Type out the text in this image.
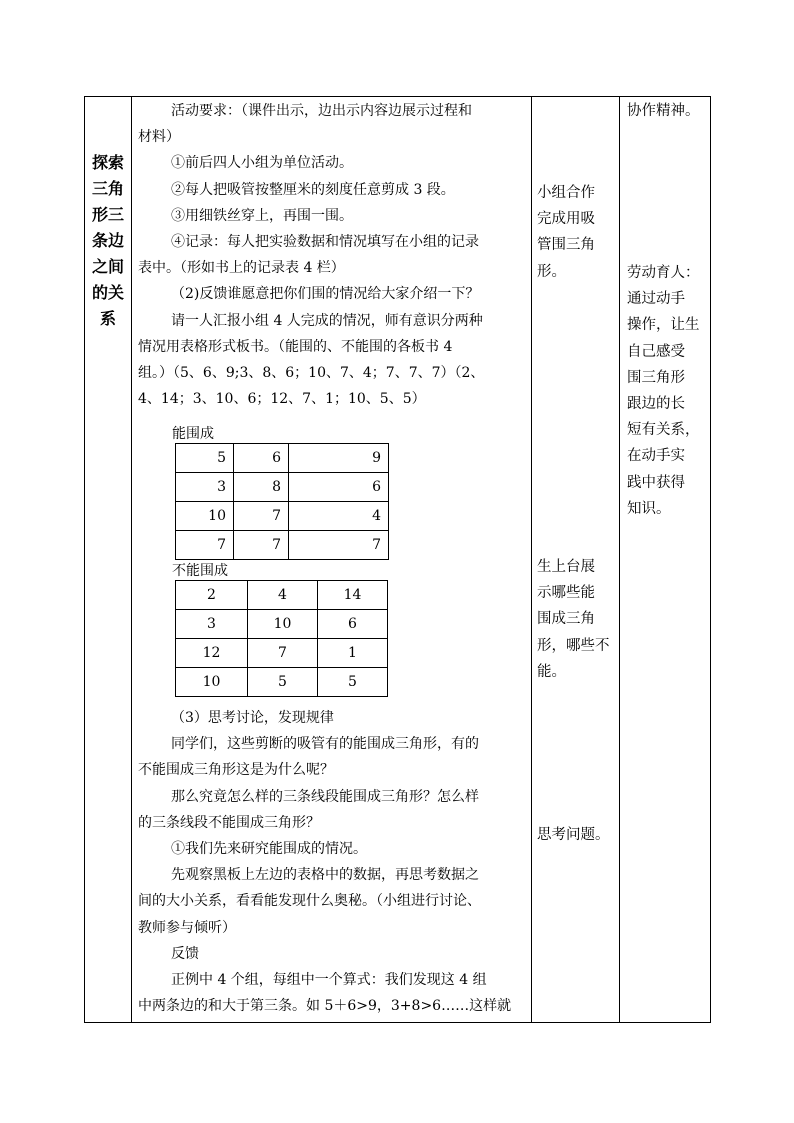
探索
三角
形三
条边
之间
的关
系
活动要求：（课件出示，边出示内容边展示过程和
材料）
①前后四人小组为单位活动。
②每人把吸管按整厘米的刻度任意剪成 3 段。
③用细铁丝穿上，再围一围。
④记录：每人把实验数据和情况填写在小组的记录
表中。（形如书上的记录表 4 栏）
（2)反馈谁愿意把你们围的情况给大家介绍一下？
请一人汇报小组 4 人完成的情况，师有意识分两种
情况用表格形式板书。（能围的、不能围的各板书 4
组。）（5、6、9;3、8、6；10、7、4；7、7、7）（2、
4、14；3、10、6；12、7、1；10、5、5）
能围成
5	6	9
3	8	6
10	7	4
7	7	7
不能围成
2	4	14
3	10	6
12	7	1
10	5	5
（3）思考讨论，发现规律
同学们，这些剪断的吸管有的能围成三角形，有的
不能围成三角形这是为什么呢？
那么究竟怎么样的三条线段能围成三角形？怎么样
的三条线段不能围成三角形？
①我们先来研究能围成的情况。
先观察黑板上左边的表格中的数据，再思考数据之
间的大小关系，看看能发现什么奥秘。（小组进行讨论、
教师参与倾听）
反馈
正例中 4 个组，每组中一个算式：我们发现这 4 组
中两条边的和大于第三条。如 5＋6>9，3+8>6……这样就
小组合作
完成用吸
管围三角
形。
生上台展
示哪些能
围成三角
形，哪些不
能。
思考问题。
协作精神。
劳动育人：
通过动手
操作，让生
自己感受
围三角形
跟边的长
短有关系，
在动手实
践中获得
知识。
